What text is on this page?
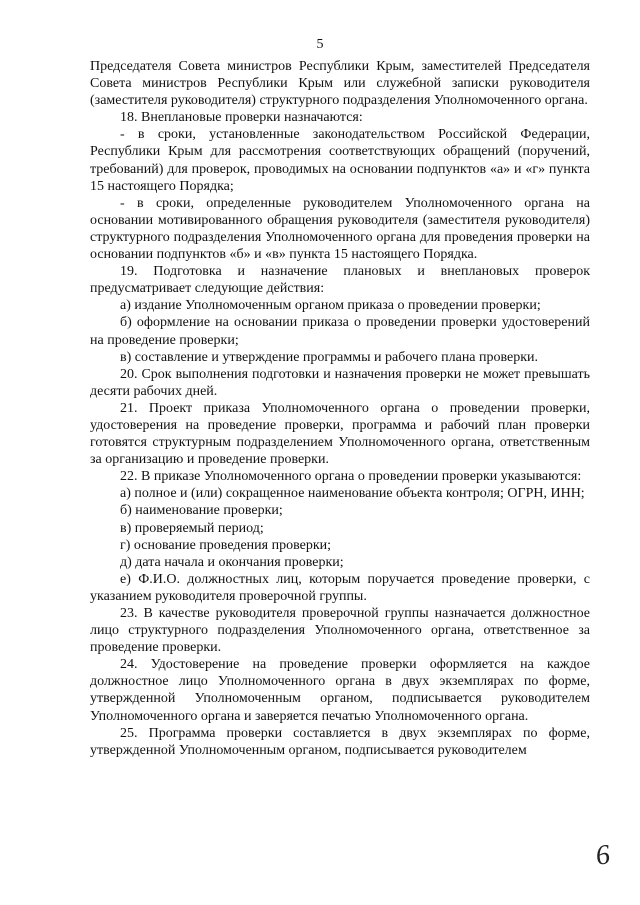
5

Председателя Совета министров Республики Крым, заместителей Председателя Совета министров Республики Крым или служебной записки руководителя (заместителя руководителя) структурного подразделения Уполномоченного органа.

18. Внеплановые проверки назначаются:

- в сроки, установленные законодательством Российской Федерации, Республики Крым для рассмотрения соответствующих обращений (поручений, требований) для проверок, проводимых на основании подпунктов «а» и «г» пункта 15 настоящего Порядка;

- в сроки, определенные руководителем Уполномоченного органа на основании мотивированного обращения руководителя (заместителя руководителя) структурного подразделения Уполномоченного органа для проведения проверки на основании подпунктов «б» и «в» пункта 15 настоящего Порядка.

19. Подготовка и назначение плановых и внеплановых проверок предусматривает следующие действия:

а) издание Уполномоченным органом приказа о проведении проверки;

б) оформление на основании приказа о проведении проверки удостоверений на проведение проверки;

в) составление и утверждение программы и рабочего плана проверки.

20. Срок выполнения подготовки и назначения проверки не может превышать десяти рабочих дней.

21. Проект приказа Уполномоченного органа о проведении проверки, удостоверения на проведение проверки, программа и рабочий план проверки готовятся структурным подразделением Уполномоченного органа, ответственным за организацию и проведение проверки.

22. В приказе Уполномоченного органа о проведении проверки указываются:

а) полное и (или) сокращенное наименование объекта контроля; ОГРН, ИНН;

б) наименование проверки;

в) проверяемый период;

г) основание проведения проверки;

д) дата начала и окончания проверки;

е) Ф.И.О. должностных лиц, которым поручается проведение проверки, с указанием руководителя проверочной группы.

23. В качестве руководителя проверочной группы назначается должностное лицо структурного подразделения Уполномоченного органа, ответственное за проведение проверки.

24. Удостоверение на проведение проверки оформляется на каждое должностное лицо Уполномоченного органа в двух экземплярах по форме, утвержденной Уполномоченным органом, подписывается руководителем Уполномоченного органа и заверяется печатью Уполномоченного органа.

25. Программа проверки составляется в двух экземплярах по форме, утвержденной Уполномоченным органом, подписывается руководителем

6
